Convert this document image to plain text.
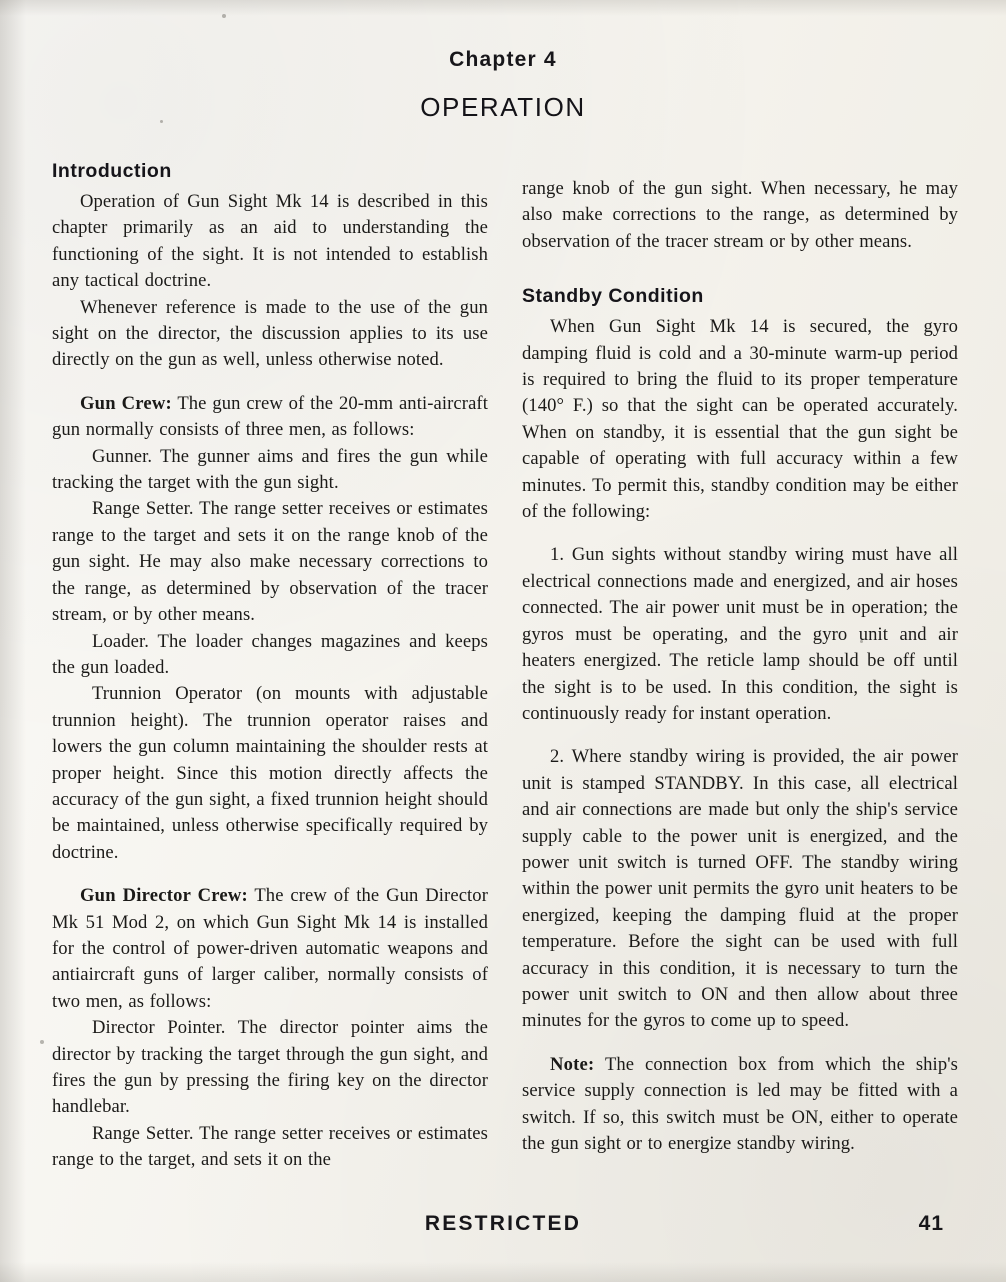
Chapter 4
OPERATION
Introduction

Operation of Gun Sight Mk 14 is described in this chapter primarily as an aid to understanding the functioning of the sight. It is not intended to establish any tactical doctrine.

Whenever reference is made to the use of the gun sight on the director, the discussion applies to its use directly on the gun as well, unless otherwise noted.

Gun Crew: The gun crew of the 20-mm anti-aircraft gun normally consists of three men, as follows:

Gunner. The gunner aims and fires the gun while tracking the target with the gun sight.

Range Setter. The range setter receives or estimates range to the target and sets it on the range knob of the gun sight. He may also make necessary corrections to the range, as determined by observation of the tracer stream, or by other means.

Loader. The loader changes magazines and keeps the gun loaded.

Trunnion Operator (on mounts with adjustable trunnion height). The trunnion operator raises and lowers the gun column maintaining the shoulder rests at proper height. Since this motion directly affects the accuracy of the gun sight, a fixed trunnion height should be maintained, unless otherwise specifically required by doctrine.

Gun Director Crew: The crew of the Gun Director Mk 51 Mod 2, on which Gun Sight Mk 14 is installed for the control of power-driven automatic weapons and antiaircraft guns of larger caliber, normally consists of two men, as follows:

Director Pointer. The director pointer aims the director by tracking the target through the gun sight, and fires the gun by pressing the firing key on the director handlebar.

Range Setter. The range setter receives or estimates range to the target, and sets it on the

range knob of the gun sight. When necessary, he may also make corrections to the range, as determined by observation of the tracer stream or by other means.

Standby Condition

When Gun Sight Mk 14 is secured, the gyro damping fluid is cold and a 30-minute warm-up period is required to bring the fluid to its proper temperature (140° F.) so that the sight can be operated accurately. When on standby, it is essential that the gun sight be capable of operating with full accuracy within a few minutes. To permit this, standby condition may be either of the following:

1. Gun sights without standby wiring must have all electrical connections made and energized, and air hoses connected. The air power unit must be in operation; the gyros must be operating, and the gyro unit and air heaters energized. The reticle lamp should be off until the sight is to be used. In this condition, the sight is continuously ready for instant operation.

2. Where standby wiring is provided, the air power unit is stamped STANDBY. In this case, all electrical and air connections are made but only the ship's service supply cable to the power unit is energized, and the power unit switch is turned OFF. The standby wiring within the power unit permits the gyro unit heaters to be energized, keeping the damping fluid at the proper temperature. Before the sight can be used with full accuracy in this condition, it is necessary to turn the power unit switch to ON and then allow about three minutes for the gyros to come up to speed.

Note: The connection box from which the ship's service supply connection is led may be fitted with a switch. If so, this switch must be ON, either to operate the gun sight or to energize standby wiring.

RESTRICTED	41
